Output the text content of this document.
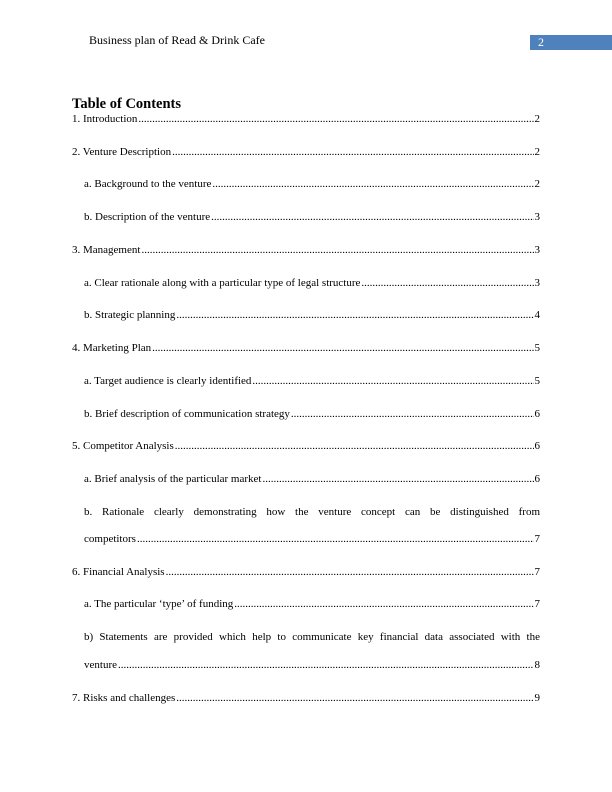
Business plan of Read & Drink Cafe	2
Table of Contents
1. Introduction .....	2
2. Venture Description .....	2
a. Background to the venture .....	2
b. Description of the venture .....	3
3. Management .....	3
a. Clear rationale along with a particular type of legal structure .....	3
b. Strategic planning .....	4
4. Marketing Plan .....	5
a. Target audience is clearly identified .....	5
b. Brief description of communication strategy .....	6
5. Competitor Analysis .....	6
a. Brief analysis of the particular market .....	6
b. Rationale clearly demonstrating how the venture concept can be distinguished from
competitors .....	7
6. Financial Analysis .....	7
a. The particular ‘type’ of funding .....	7
b) Statements are provided which help to communicate key financial data associated with the
venture .....	8
7. Risks and challenges .....	9
